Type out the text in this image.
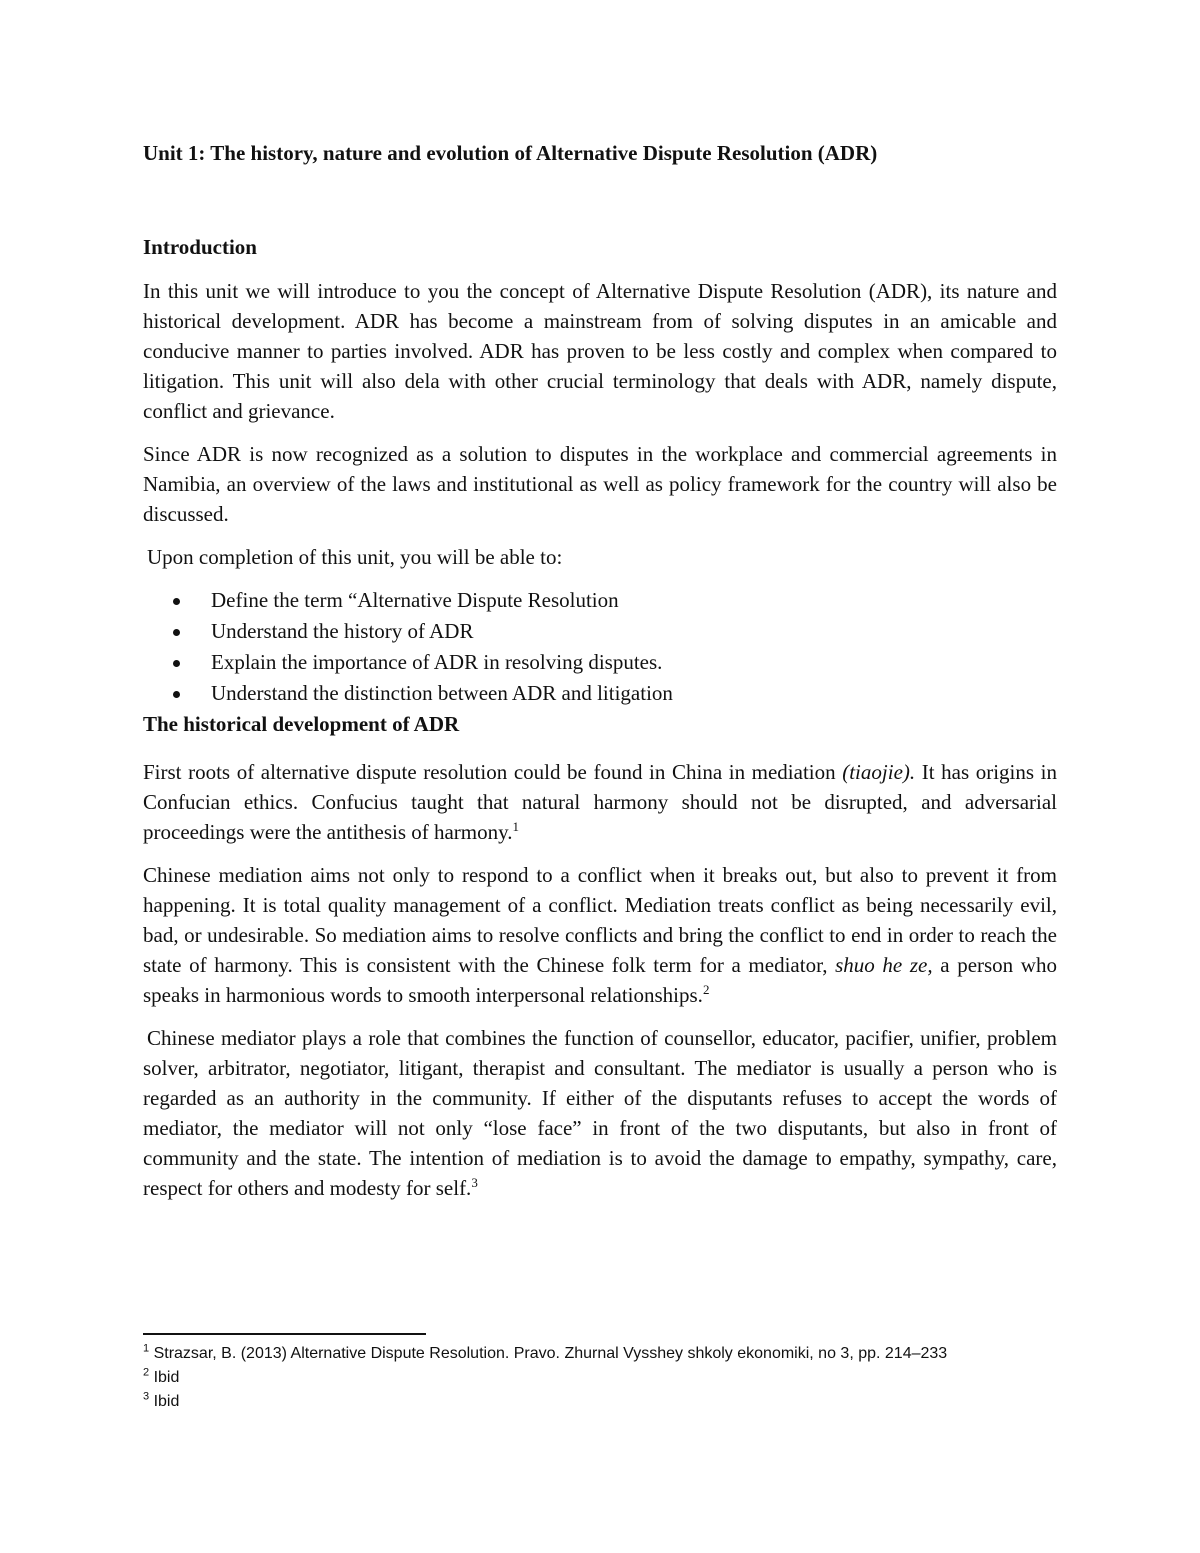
Unit 1: The history, nature and evolution of Alternative Dispute Resolution (ADR)
Introduction

In this unit we will introduce to you the concept of Alternative Dispute Resolution (ADR), its nature and historical development. ADR has become a mainstream from of solving disputes in an amicable and conducive manner to parties involved. ADR has proven to be less costly and complex when compared to litigation. This unit will also dela with other crucial terminology that deals with ADR, namely dispute, conflict and grievance.

Since ADR is now recognized as a solution to disputes in the workplace and commercial agreements in Namibia, an overview of the laws and institutional as well as policy framework for the country will also be discussed.

Upon completion of this unit, you will be able to:

Define the term “Alternative Dispute Resolution
Understand the history of ADR
Explain the importance of ADR in resolving disputes.
Understand the distinction between ADR and litigation
The historical development of ADR

First roots of alternative dispute resolution could be found in China in mediation (tiaojie). It has origins in Confucian ethics. Confucius taught that natural harmony should not be disrupted, and adversarial proceedings were the antithesis of harmony.$^1$

Chinese mediation aims not only to respond to a conflict when it breaks out, but also to prevent it from happening. It is total quality management of a conflict. Mediation treats conflict as being necessarily evil, bad, or undesirable. So mediation aims to resolve conflicts and bring the conflict to end in order to reach the state of harmony. This is consistent with the Chinese folk term for a mediator, shuo he ze, a person who speaks in harmonious words to smooth interpersonal relationships.$^2$

Chinese mediator plays a role that combines the function of counsellor, educator, pacifier, unifier, problem solver, arbitrator, negotiator, litigant, therapist and consultant. The mediator is usually a person who is regarded as an authority in the community. If either of the disputants refuses to accept the words of mediator, the mediator will not only “lose face” in front of the two disputants, but also in front of community and the state. The intention of mediation is to avoid the damage to empathy, sympathy, care, respect for others and modesty for self.$^3$

$^1$ Strazsar, B. (2013) Alternative Dispute Resolution. Pravo. Zhurnal Vysshey shkoly ekonomiki, no 3, pp. 214–233
$^2$ Ibid
$^3$ Ibid
